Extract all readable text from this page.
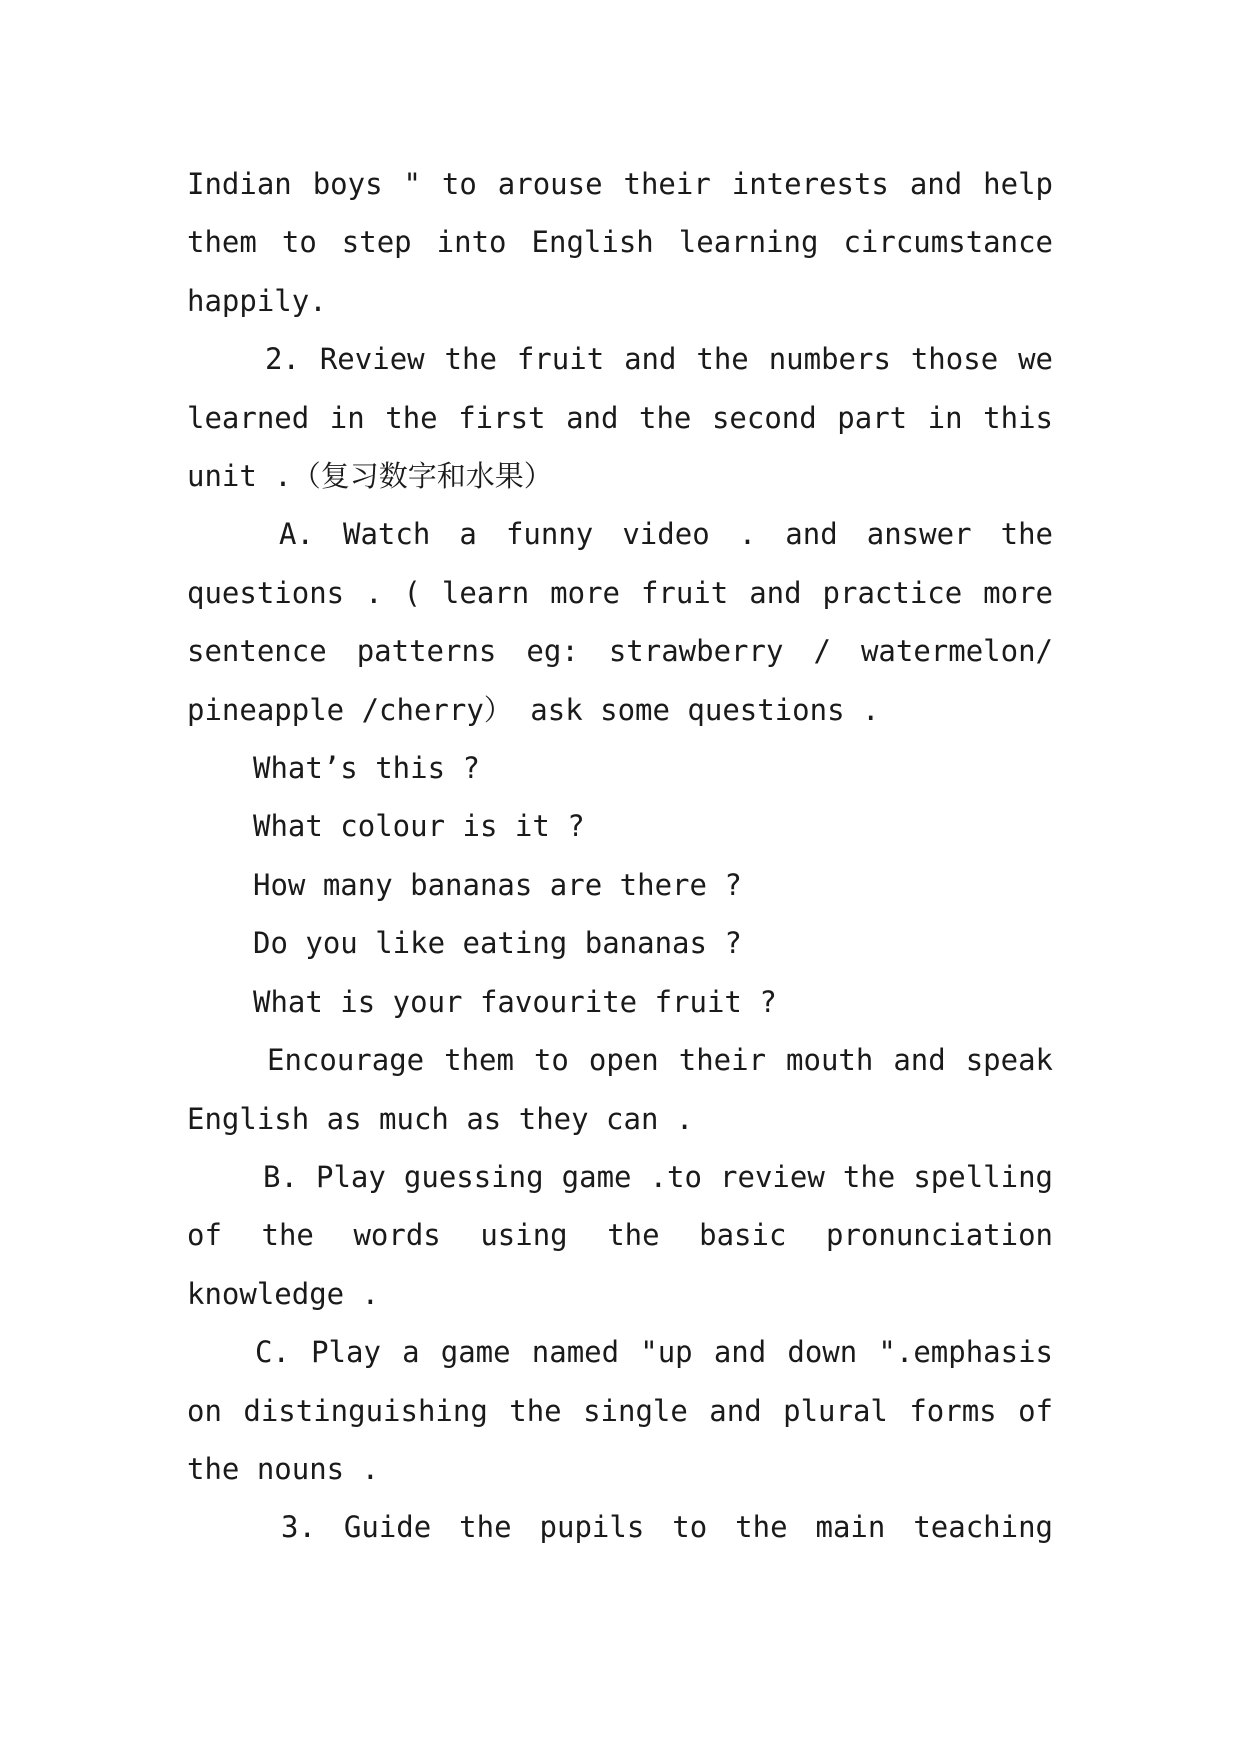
Indian boys " to arouse their interests and help them to step into English learning circumstance happily.

2. Review the fruit and the numbers those we learned in the first and the second part in this unit .（复习数字和水果）

A. Watch a funny video . and answer the questions . ( learn more fruit and practice more sentence patterns eg: strawberry / watermelon/ pineapple /cherry） ask some questions .

What’s this ?

What colour is it ?

How many bananas are there ?

Do you like eating bananas ?

What is your favourite fruit ?

Encourage them to open their mouth and speak English as much as they can .

B. Play guessing game .to review the spelling of the words using the basic pronunciation knowledge .

C. Play a game named "up and down ".emphasis on distinguishing the single and plural forms of the nouns .

3. Guide the pupils to the main teaching
